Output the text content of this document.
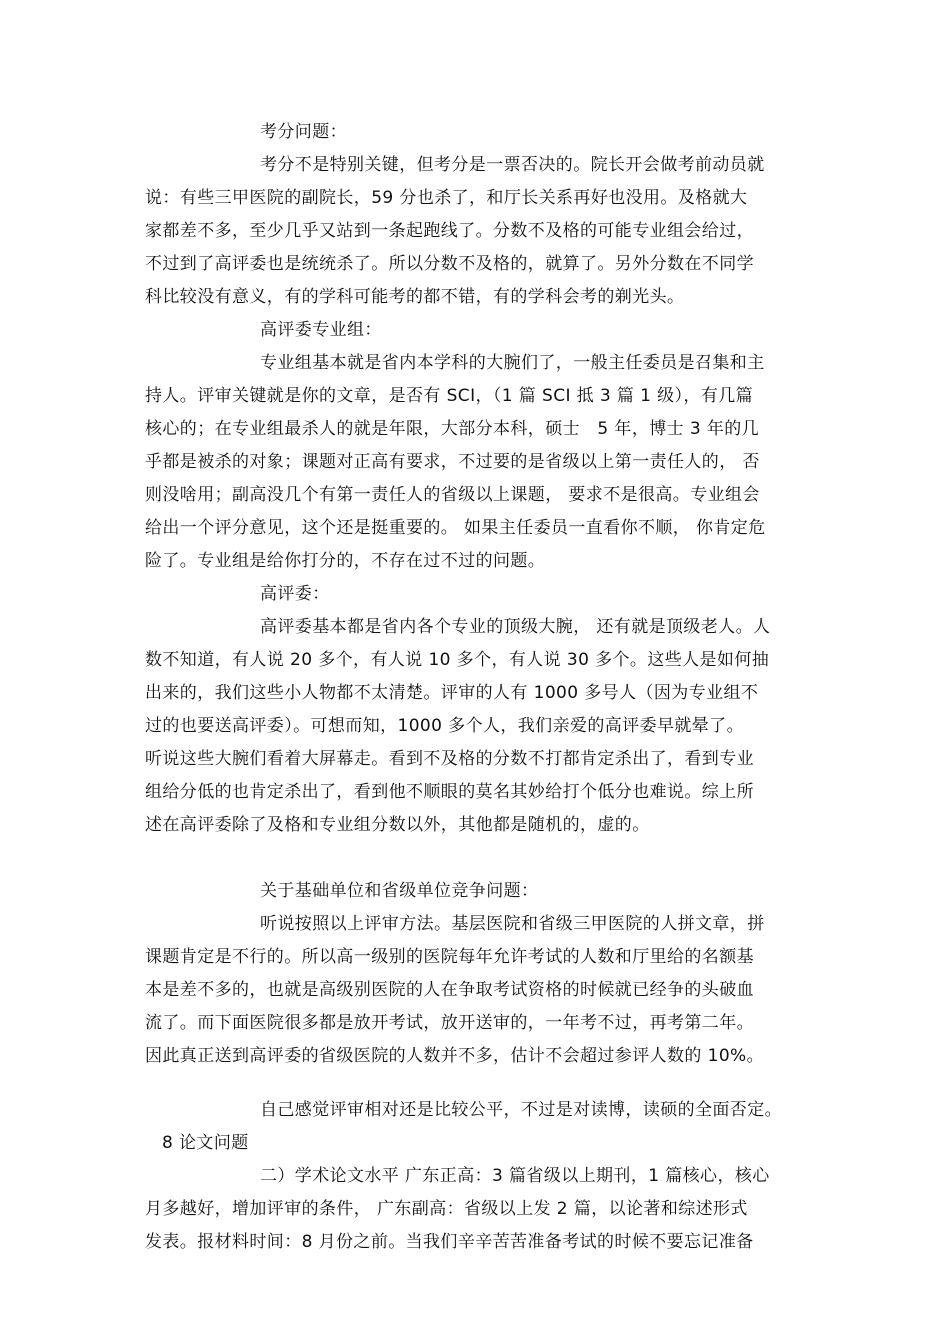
考分问题：
考分不是特别关键，但考分是一票否决的。院长开会做考前动员就
说：有些三甲医院的副院长，59 分也杀了，和厅长关系再好也没用。及格就大
家都差不多，至少几乎又站到一条起跑线了。分数不及格的可能专业组会给过，
不过到了高评委也是统统杀了。所以分数不及格的，就算了。另外分数在不同学
科比较没有意义，有的学科可能考的都不错，有的学科会考的剃光头。
高评委专业组：
专业组基本就是省内本学科的大腕们了，一般主任委员是召集和主
持人。评审关键就是你的文章，是否有 SCI，（1 篇 SCI 抵 3 篇 1 级），有几篇
核心的；在专业组最杀人的就是年限，大部分本科，硕士　5 年，博士 3 年的几
乎都是被杀的对象；课题对正高有要求，不过要的是省级以上第一责任人的， 否
则没啥用；副高没几个有第一责任人的省级以上课题， 要求不是很高。专业组会
给出一个评分意见，这个还是挺重要的。 如果主任委员一直看你不顺， 你肯定危
险了。专业组是给你打分的，不存在过不过的问题。
高评委：
高评委基本都是省内各个专业的顶级大腕， 还有就是顶级老人。人
数不知道，有人说 20 多个，有人说 10 多个，有人说 30 多个。这些人是如何抽
出来的，我们这些小人物都不太清楚。评审的人有 1000 多号人（因为专业组不
过的也要送高评委）。可想而知，1000 多个人，我们亲爱的高评委早就晕了。
听说这些大腕们看着大屏幕走。看到不及格的分数不打都肯定杀出了，看到专业
组给分低的也肯定杀出了，看到他不顺眼的莫名其妙给打个低分也难说。综上所
述在高评委除了及格和专业组分数以外，其他都是随机的，虚的。
关于基础单位和省级单位竞争问题：
听说按照以上评审方法。基层医院和省级三甲医院的人拼文章，拼
课题肯定是不行的。所以高一级别的医院每年允许考试的人数和厅里给的名额基
本是差不多的，也就是高级别医院的人在争取考试资格的时候就已经争的头破血
流了。而下面医院很多都是放开考试，放开送审的，一年考不过，再考第二年。
因此真正送到高评委的省级医院的人数并不多，估计不会超过参评人数的 10%。
自己感觉评审相对还是比较公平，不过是对读博，读硕的全面否定。
8 论文问题
二）学术论文水平 广东正高：3 篇省级以上期刊，1 篇核心，核心
月多越好，增加评审的条件， 广东副高：省级以上发 2 篇，以论著和综述形式
发表。报材料时间：8 月份之前。当我们辛辛苦苦准备考试的时候不要忘记准备
